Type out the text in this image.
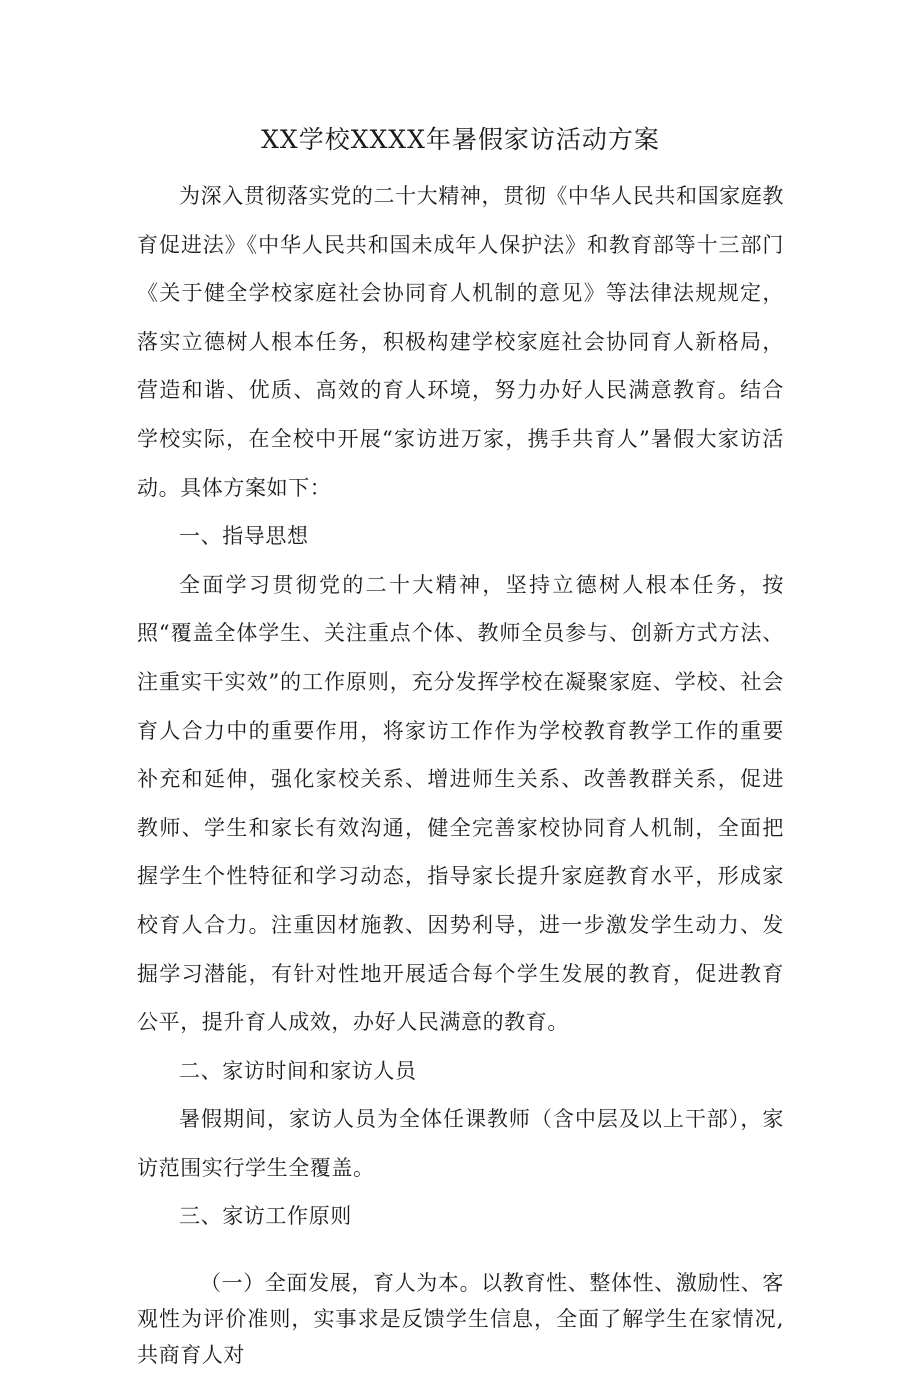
XX学校XXXX年暑假家访活动方案

为深入贯彻落实党的二十大精神，贯彻《中华人民共和国家庭教育促进法》《中华人民共和国未成年人保护法》和教育部等十三部门《关于健全学校家庭社会协同育人机制的意见》等法律法规规定，落实立德树人根本任务，积极构建学校家庭社会协同育人新格局，营造和谐、优质、高效的育人环境，努力办好人民满意教育。结合学校实际，在全校中开展“家访进万家，携手共育人”暑假大家访活动。具体方案如下：

一、指导思想

全面学习贯彻党的二十大精神，坚持立德树人根本任务，按照“覆盖全体学生、关注重点个体、教师全员参与、创新方式方法、注重实干实效”的工作原则，充分发挥学校在凝聚家庭、学校、社会育人合力中的重要作用，将家访工作作为学校教育教学工作的重要补充和延伸，强化家校关系、增进师生关系、改善教群关系，促进教师、学生和家长有效沟通，健全完善家校协同育人机制，全面把握学生个性特征和学习动态，指导家长提升家庭教育水平，形成家校育人合力。注重因材施教、因势利导，进一步激发学生动力、发掘学习潜能，有针对性地开展适合每个学生发展的教育，促进教育公平，提升育人成效，办好人民满意的教育。

二、家访时间和家访人员

暑假期间，家访人员为全体任课教师（含中层及以上干部），家访范围实行学生全覆盖。

三、家访工作原则

（一）全面发展，育人为本。以教育性、整体性、激励性、客观性为评价准则，实事求是反馈学生信息，全面了解学生在家情况,共商育人对
